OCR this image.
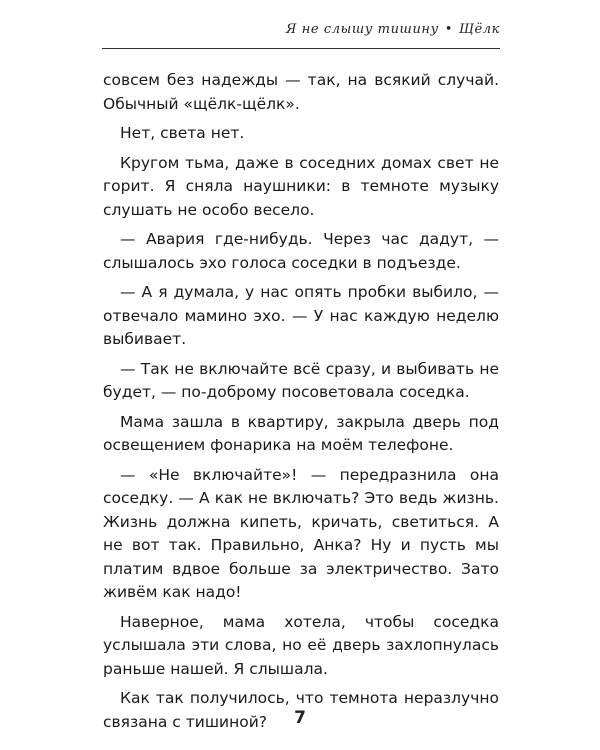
Я не слышу тишину • Щёлк

совсем без надежды — так, на всякий случай. Обычный «щёлк-щёлк».

Нет, света нет.

Кругом тьма, даже в соседних домах свет не горит. Я сняла наушники: в темноте музыку слушать не особо весело.

— Авария где-нибудь. Через час дадут, — слышалось эхо голоса соседки в подъезде.

— А я думала, у нас опять пробки выбило, — отвечало мамино эхо. — У нас каждую неделю выбивает.

— Так не включайте всё сразу, и выбивать не будет, — по-доброму посоветовала соседка.

Мама зашла в квартиру, закрыла дверь под освещением фонарика на моём телефоне.

— «Не включайте»! — передразнила она соседку. — А как не включать? Это ведь жизнь. Жизнь должна кипеть, кричать, светиться. А не вот так. Правильно, Анка? Ну и пусть мы платим вдвое больше за электричество. Зато живём как надо!

Наверное, мама хотела, чтобы соседка услышала эти слова, но её дверь захлопнулась раньше нашей. Я слышала.

Как так получилось, что темнота неразлучно связана с тишиной?	7
